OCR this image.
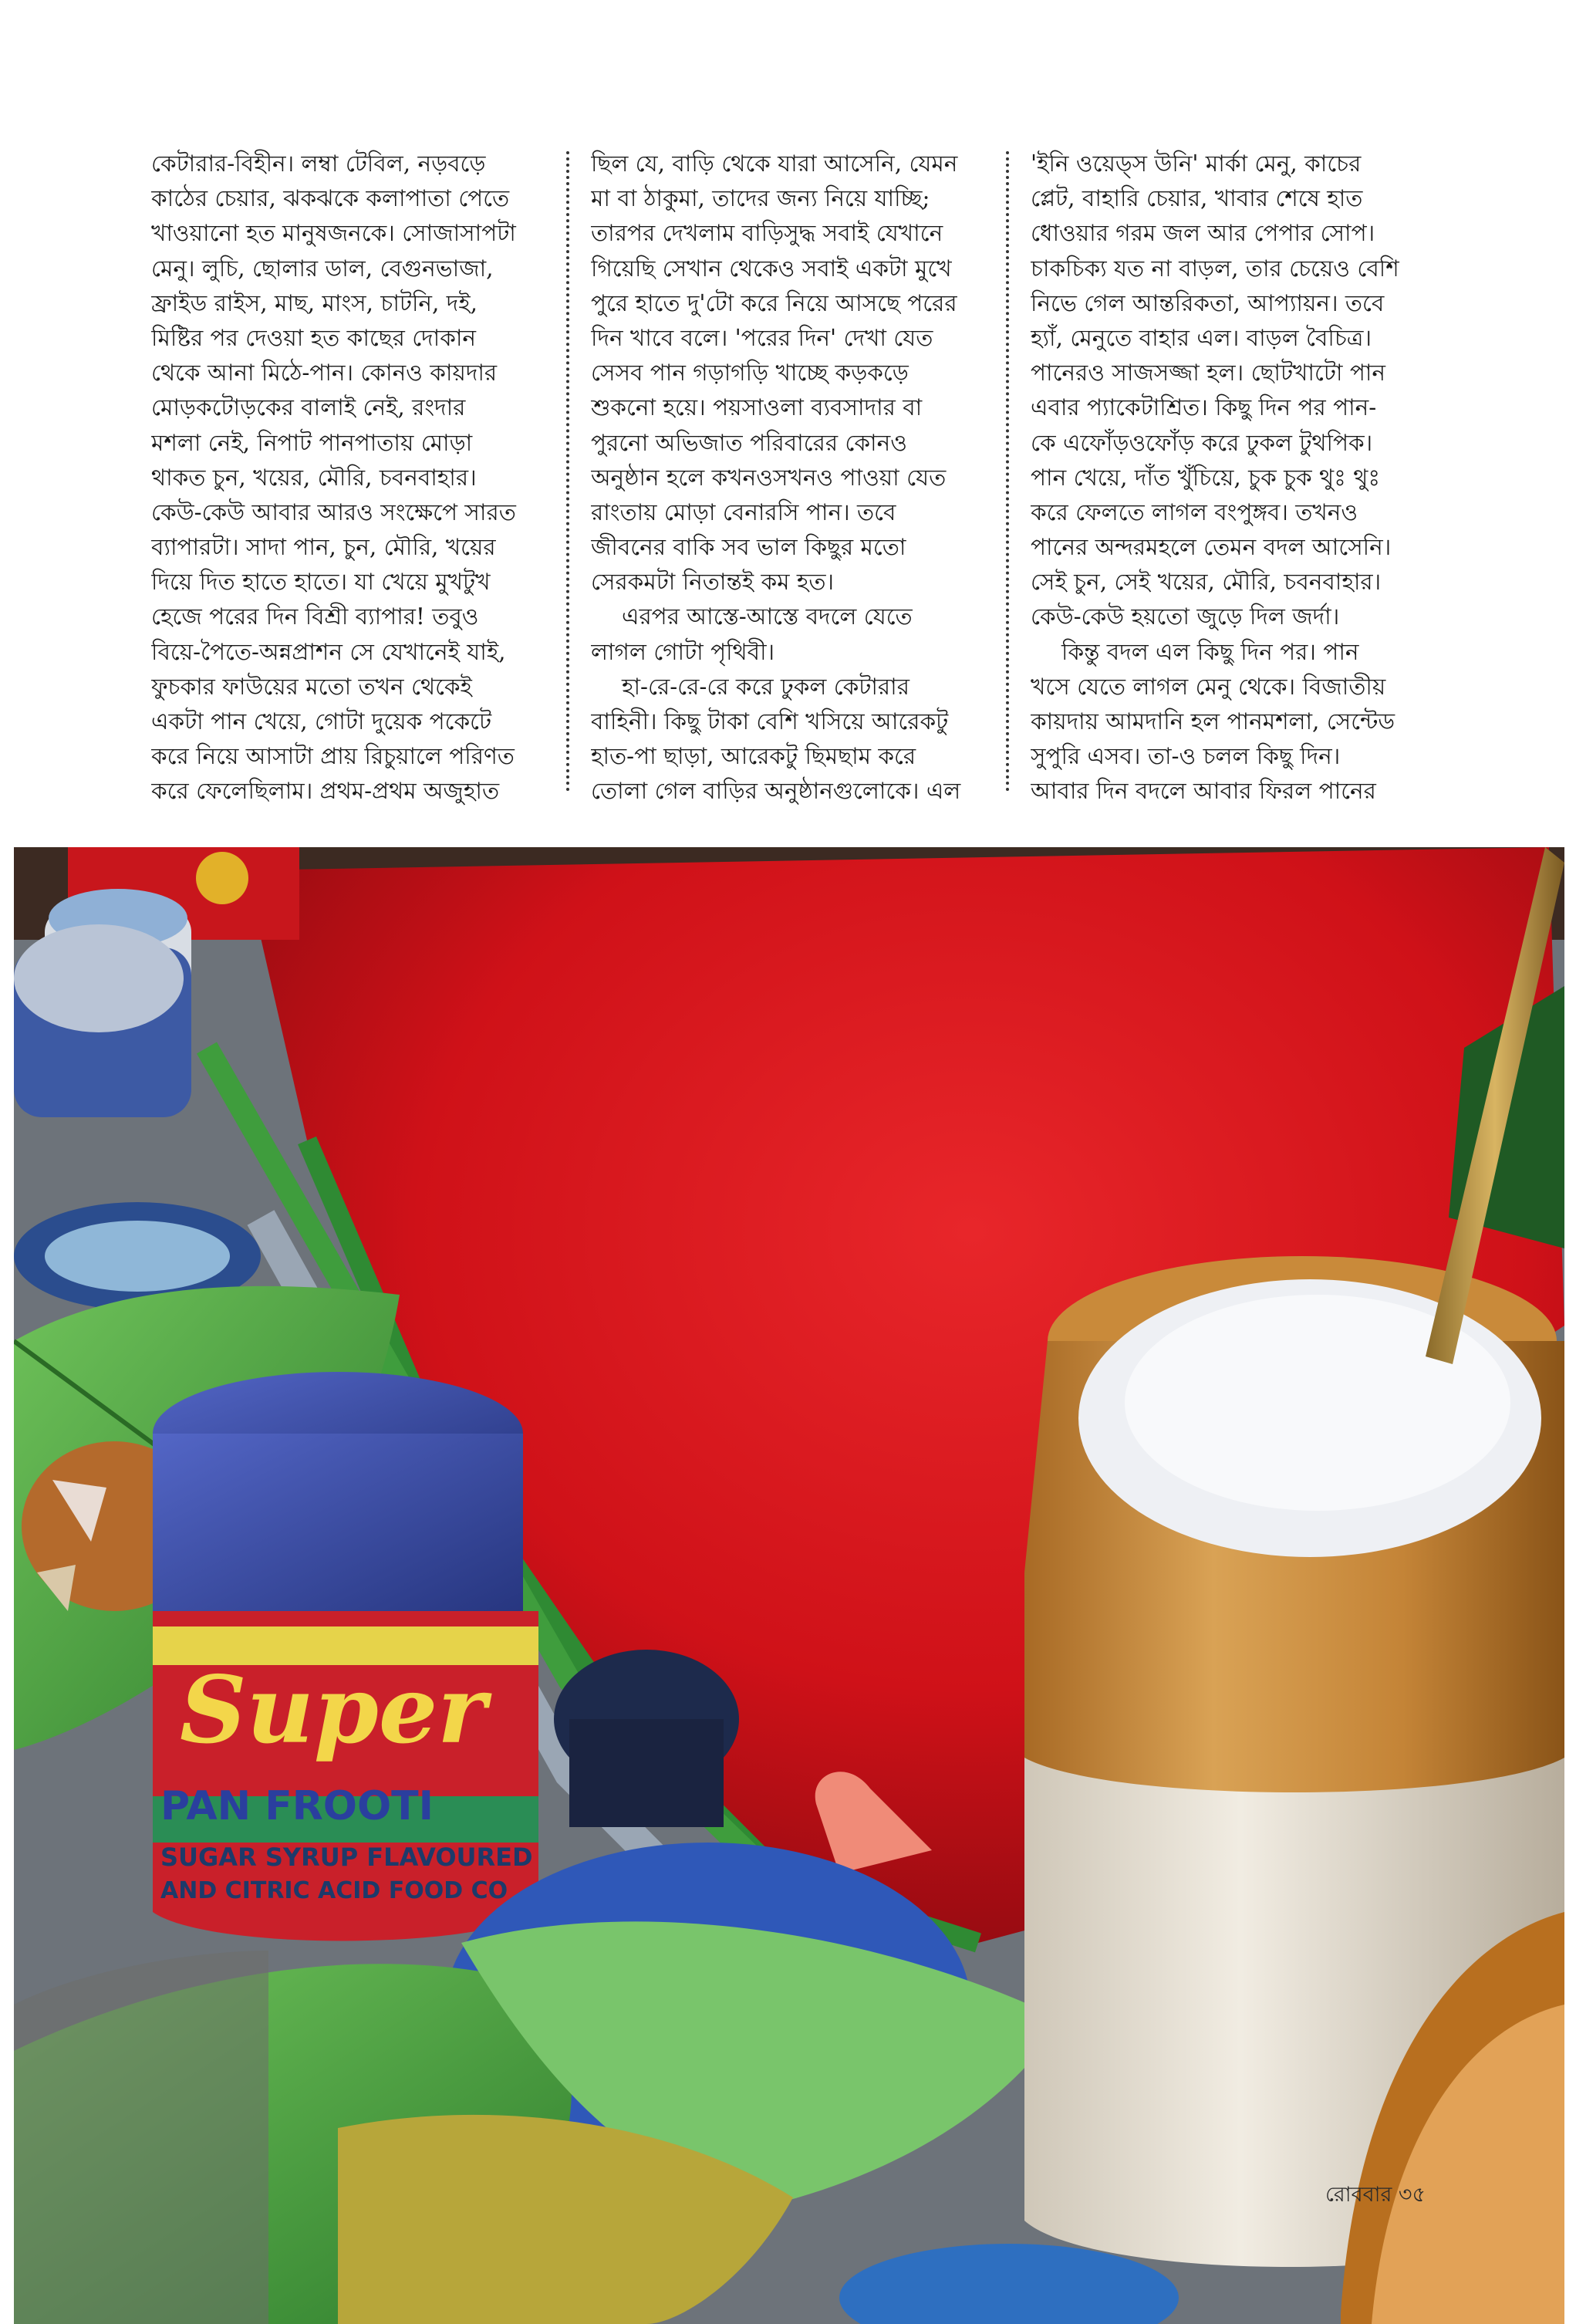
কেটারার-বিহীন। লম্বা টেবিল, নড়বড়ে
কাঠের চেয়ার, ঝকঝকে কলাপাতা পেতে
খাওয়ানো হত মানুষজনকে। সোজাসাপটা
মেনু। লুচি, ছোলার ডাল, বেগুনভাজা,
ফ্রাইড রাইস, মাছ, মাংস, চাটনি, দই,
মিষ্টির পর দেওয়া হত কাছের দোকান
থেকে আনা মিঠে-পান। কোনও কায়দার
মোড়কটোড়কের বালাই নেই, রংদার
মশলা নেই, নিপাট পানপাতায় মোড়া
থাকত চুন, খয়ের, মৌরি, চবনবাহার।
কেউ-কেউ আবার আরও সংক্ষেপে সারত
ব্যাপারটা। সাদা পান, চুন, মৌরি, খয়ের
দিয়ে দিত হাতে হাতে। যা খেয়ে মুখটুখ
হেজে পরের দিন বিশ্রী ব্যাপার! তবুও
বিয়ে-পৈতে-অন্নপ্রাশন সে যেখানেই যাই,
ফুচকার ফাউয়ের মতো তখন থেকেই
একটা পান খেয়ে, গোটা দুয়েক পকেটে
করে নিয়ে আসাটা প্রায় রিচুয়ালে পরিণত
করে ফেলেছিলাম। প্রথম-প্রথম অজুহাত
ছিল যে, বাড়ি থেকে যারা আসেনি, যেমন
মা বা ঠাকুমা, তাদের জন্য নিয়ে যাচ্ছি;
তারপর দেখলাম বাড়িসুদ্ধ সবাই যেখানে
গিয়েছি সেখান থেকেও সবাই একটা মুখে
পুরে হাতে দু'টো করে নিয়ে আসছে পরের
দিন খাবে বলে। 'পরের দিন' দেখা যেত
সেসব পান গড়াগড়ি খাচ্ছে কড়কড়ে
শুকনো হয়ে। পয়সাওলা ব্যবসাদার বা
পুরনো অভিজাত পরিবারের কোনও
অনুষ্ঠান হলে কখনওসখনও পাওয়া যেত
রাংতায় মোড়া বেনারসি পান। তবে
জীবনের বাকি সব ভাল কিছুর মতো
সেরকমটা নিতান্তই কম হত।
এরপর আস্তে-আস্তে বদলে যেতে
লাগল গোটা পৃথিবী।
হা-রে-রে-রে করে ঢুকল কেটারার
বাহিনী। কিছু টাকা বেশি খসিয়ে আরেকটু
হাত-পা ছাড়া, আরেকটু ছিমছাম করে
তোলা গেল বাড়ির অনুষ্ঠানগুলোকে। এল
'ইনি ওয়েড্‌স উনি' মার্কা মেনু, কাচের
প্লেট, বাহারি চেয়ার, খাবার শেষে হাত
ধোওয়ার গরম জল আর পেপার সোপ।
চাকচিক্য যত না বাড়ল, তার চেয়েও বেশি
নিভে গেল আন্তরিকতা, আপ্যায়ন। তবে
হ্যাঁ, মেনুতে বাহার এল। বাড়ল বৈচিত্র।
পানেরও সাজসজ্জা হল। ছোটখাটো পান
এবার প্যাকেটাশ্রিত। কিছু দিন পর পান-
কে এফোঁড়ওফোঁড় করে ঢুকল টুথপিক।
পান খেয়ে, দাঁত খুঁচিয়ে, চুক চুক থুঃ থুঃ
করে ফেলতে লাগল বংপুঙ্গব। তখনও
পানের অন্দরমহলে তেমন বদল আসেনি।
সেই চুন, সেই খয়ের, মৌরি, চবনবাহার।
কেউ-কেউ হয়তো জুড়ে দিল জর্দা।
কিন্তু বদল এল কিছু দিন পর। পান
খসে যেতে লাগল মেনু থেকে। বিজাতীয়
কায়দায় আমদানি হল পানমশলা, সেন্টেড
সুপুরি এসব। তা-ও চলল কিছু দিন।
আবার দিন বদলে আবার ফিরল পানের
Super
PAN FROOTI
SUGAR SYRUP FLAVOURED
AND CITRIC ACID FOOD CO
রোববার ৩৫
